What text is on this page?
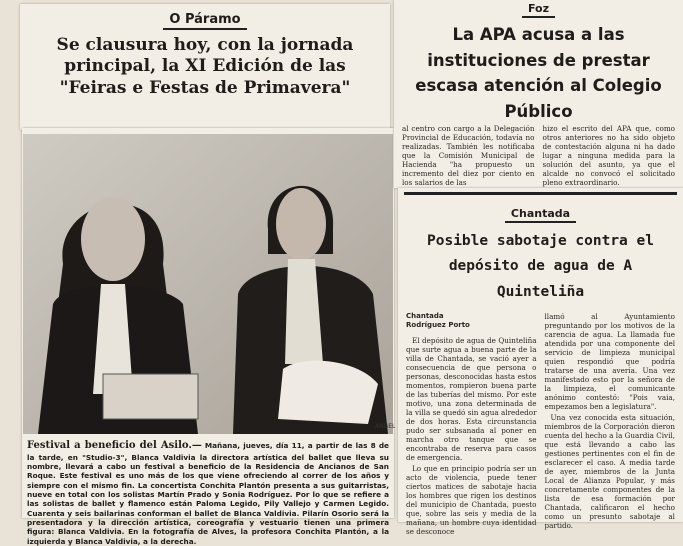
O Páramo
Se clausura hoy, con la jornada principal, la XI Edición de las "Feiras e Festas de Primavera"
ANGEL
Festival a beneficio del Asilo.— Mañana, jueves, día 11, a partir de las 8 de la tarde, en "Studio-3", Blanca Valdivia la directora artística del ballet que lleva su nombre, llevará a cabo un festival a beneficio de la Residencia de Ancianos de San Roque. Este festival es uno más de los que viene ofreciendo al correr de los años y siempre con el mismo fin. La concertista Conchita Plantón presenta a sus guitarristas, nueve en total con los solistas Martín Prado y Sonia Rodríguez. Por lo que se refiere a las solistas de ballet y flamenco están Paloma Legido, Pily Vallejo y Carmen Legido. Cuarenta y seis bailarinas conforman el ballet de Blanca Valdivia. Pilarín Osorio será la presentadora y la dirección artística, coreografía y vestuario tienen una primera figura: Blanca Valdivia. En la fotografía de Alves, la profesora Conchita Plantón, a la izquierda y Blanca Valdivia, a la derecha.
Foz
La APA acusa a las instituciones de prestar escasa atención al Colegio Público
al centro con cargo a la Delegación Provincial de Educación, todavía no realizadas. También les notificaba que la Comisión Municipal de Hacienda "ha propuesto un incremento del diez por ciento en los salarios de las
hizo el escrito del APA que, como otros anteriores no ha sido objeto de contestación alguna ni ha dado lugar a ninguna medida para la solución del asunto, ya que el alcalde no convocó el solicitado pleno extraordinario.
Chantada
Posible sabotaje contra el depósito de agua de A Quinteliña
Chantada
Rodríguez Porto

El depósito de agua de Quinteliña que surte agua a buena parte de la villa de Chantada, se vació ayer a consecuencia de que persona o personas, desconocidas hasta estos momentos, rompieron buena parte de las tuberías del mismo. Por este motivo, una zona determinada de la villa se quedó sin agua alrededor de dos horas. Esta circunstancia pudo ser subsanada al poner en marcha otro tanque que se encontraba de reserva para casos de emergencia.

Lo que en principio podría ser un acto de violencia, puede tener ciertos matices de sabotaje hacia los hombres que rigen los destinos del municipio de Chantada, puesto que, sobre las seis y media de la mañana, un hombre cuya identidad se desconoce

llamó al Ayuntamiento preguntando por los motivos de la carencia de agua. La llamada fue atendida por una componente del servicio de limpieza municipal quien respondió que podría tratarse de una avería. Una vez manifestado esto por la señora de la limpieza, el comunicante anónimo contestó: "Pois vaia, empezamos ben a legislatura".

Una vez conocida esta situación, miembros de la Corporación dieron cuenta del hecho a la Guardia Civil, que está llevando a cabo las gestiones pertinentes con el fin de esclarecer el caso. A media tarde de ayer, miembros de la Junta Local de Alianza Popular, y más concretamente componentes de la lista de esa formación por Chantada, calificaron el hecho como un presunto sabotaje al partido.
